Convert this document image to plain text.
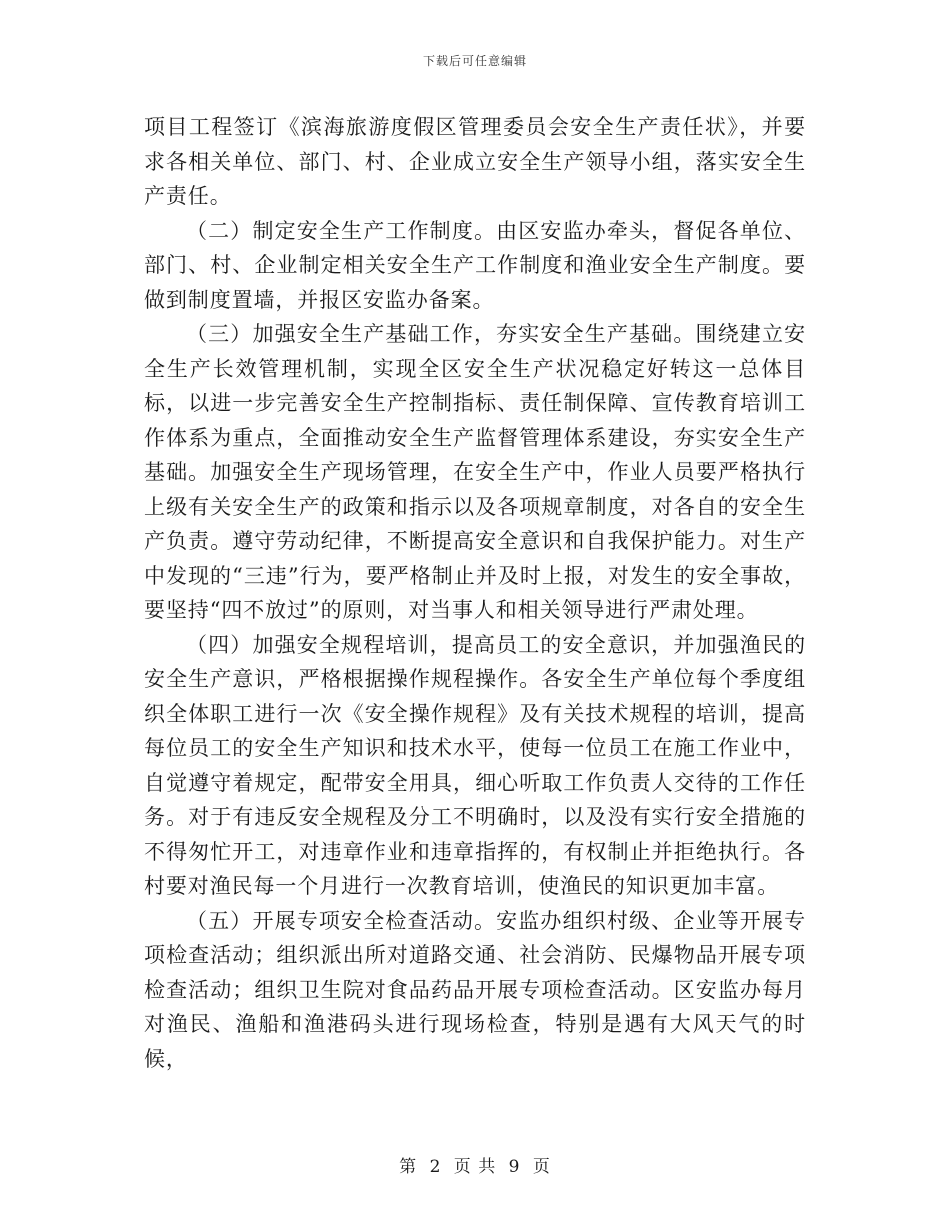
下载后可任意编辑

项目工程签订《滨海旅游度假区管理委员会安全生产责任状》，并要求各相关单位、部门、村、企业成立安全生产领导小组，落实安全生产责任。

（二）制定安全生产工作制度。由区安监办牵头，督促各单位、部门、村、企业制定相关安全生产工作制度和渔业安全生产制度。要做到制度置墙，并报区安监办备案。

（三）加强安全生产基础工作，夯实安全生产基础。围绕建立安全生产长效管理机制，实现全区安全生产状况稳定好转这一总体目标，以进一步完善安全生产控制指标、责任制保障、宣传教育培训工作体系为重点，全面推动安全生产监督管理体系建设，夯实安全生产基础。加强安全生产现场管理，在安全生产中，作业人员要严格执行上级有关安全生产的政策和指示以及各项规章制度，对各自的安全生产负责。遵守劳动纪律，不断提高安全意识和自我保护能力。对生产中发现的“三违”行为，要严格制止并及时上报，对发生的安全事故，要坚持“四不放过”的原则，对当事人和相关领导进行严肃处理。

（四）加强安全规程培训，提高员工的安全意识，并加强渔民的安全生产意识，严格根据操作规程操作。各安全生产单位每个季度组织全体职工进行一次《安全操作规程》及有关技术规程的培训，提高每位员工的安全生产知识和技术水平，使每一位员工在施工作业中，自觉遵守着规定，配带安全用具，细心听取工作负责人交待的工作任务。对于有违反安全规程及分工不明确时，以及没有实行安全措施的不得匆忙开工，对违章作业和违章指挥的，有权制止并拒绝执行。各村要对渔民每一个月进行一次教育培训，使渔民的知识更加丰富。

（五）开展专项安全检查活动。安监办组织村级、企业等开展专项检查活动；组织派出所对道路交通、社会消防、民爆物品开展专项检查活动；组织卫生院对食品药品开展专项检查活动。区安监办每月对渔民、渔船和渔港码头进行现场检查，特别是遇有大风天气的时候，

第 2 页 共 9 页
